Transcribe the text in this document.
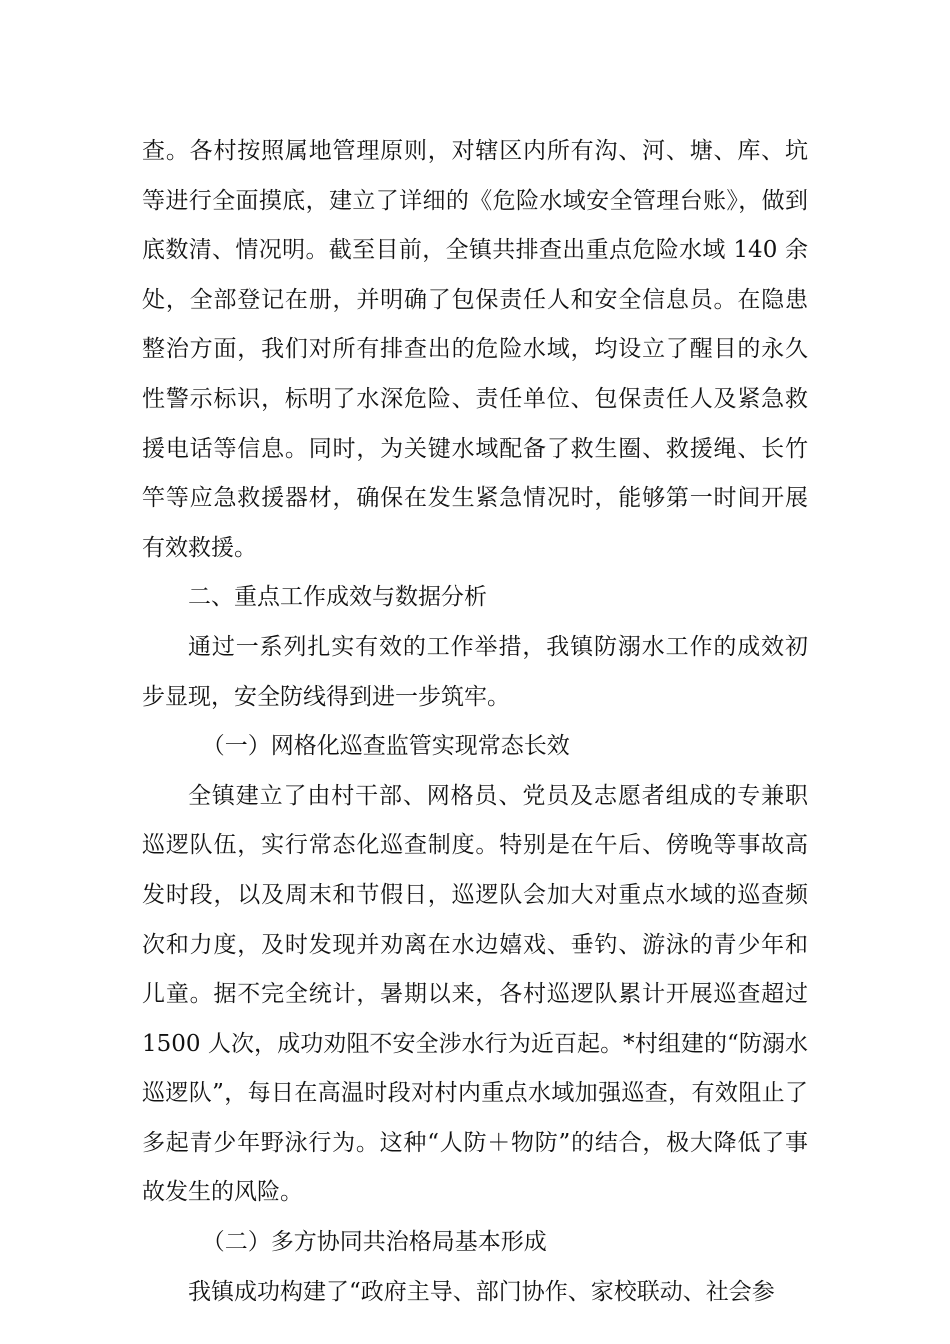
查。各村按照属地管理原则，对辖区内所有沟、河、塘、库、坑等进行全面摸底，建立了详细的《危险水域安全管理台账》，做到底数清、情况明。截至目前，全镇共排查出重点危险水域 140 余处，全部登记在册，并明确了包保责任人和安全信息员。在隐患整治方面，我们对所有排查出的危险水域，均设立了醒目的永久性警示标识，标明了水深危险、责任单位、包保责任人及紧急救援电话等信息。同时，为关键水域配备了救生圈、救援绳、长竹竿等应急救援器材，确保在发生紧急情况时，能够第一时间开展有效救援。

二、重点工作成效与数据分析

通过一系列扎实有效的工作举措，我镇防溺水工作的成效初步显现，安全防线得到进一步筑牢。

（一）网格化巡查监管实现常态长效

全镇建立了由村干部、网格员、党员及志愿者组成的专兼职巡逻队伍，实行常态化巡查制度。特别是在午后、傍晚等事故高发时段，以及周末和节假日，巡逻队会加大对重点水域的巡查频次和力度，及时发现并劝离在水边嬉戏、垂钓、游泳的青少年和儿童。据不完全统计，暑期以来，各村巡逻队累计开展巡查超过 1500 人次，成功劝阻不安全涉水行为近百起。*村组建的“防溺水巡逻队”，每日在高温时段对村内重点水域加强巡查，有效阻止了多起青少年野泳行为。这种“人防＋物防”的结合，极大降低了事故发生的风险。

（二）多方协同共治格局基本形成

我镇成功构建了“政府主导、部门协作、家校联动、社会参
